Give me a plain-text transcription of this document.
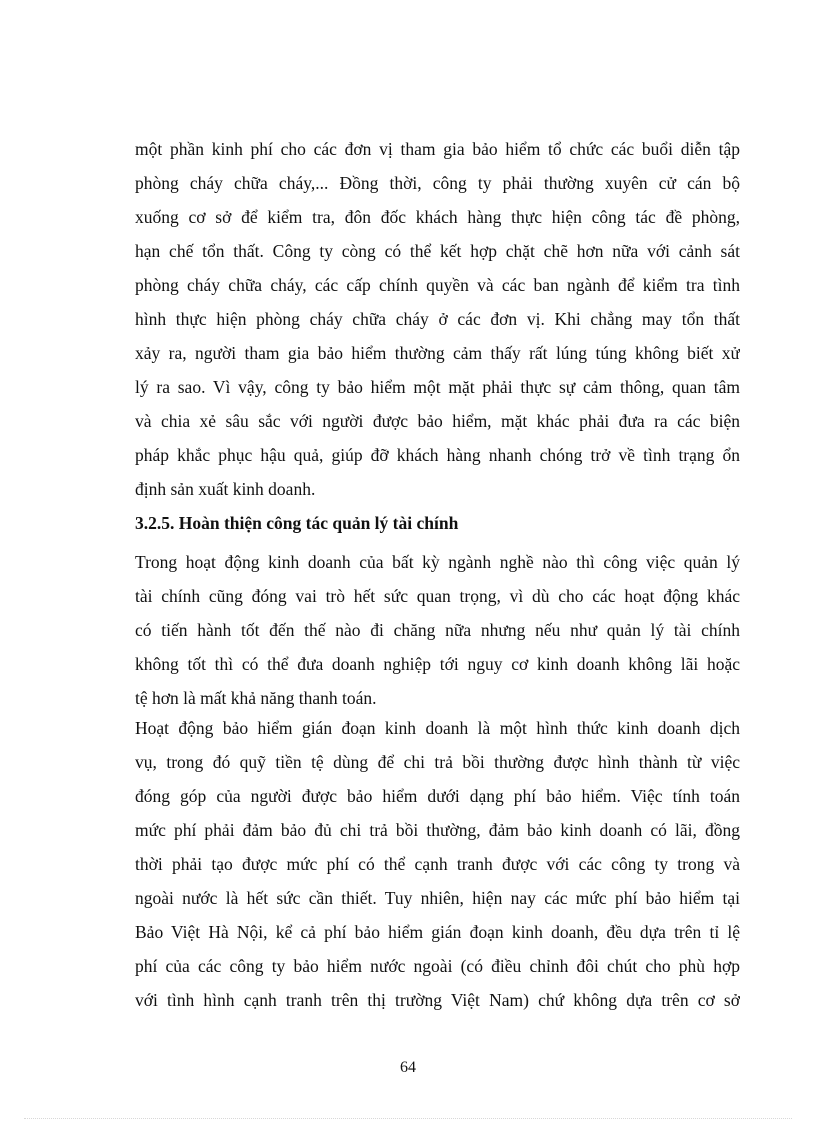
một phần kinh phí cho các đơn vị tham gia bảo hiểm tổ chức các buổi diễn tập
phòng cháy chữa cháy,... Đồng thời, công ty phải thường xuyên cử cán bộ
xuống cơ sở để kiểm tra, đôn đốc khách hàng thực hiện công tác đề phòng,
hạn chế tổn thất. Công ty còng có thể kết hợp chặt chẽ hơn nữa với cảnh sát
phòng cháy chữa cháy, các cấp chính quyền và các ban ngành để kiểm tra tình
hình thực hiện phòng cháy chữa cháy ở các đơn vị. Khi chẳng may tổn thất
xảy ra, người tham gia bảo hiểm thường cảm thấy rất lúng túng không biết xử
lý ra sao. Vì vậy, công ty bảo hiểm một mặt phải thực sự cảm thông, quan tâm
và chia xẻ sâu sắc với người được bảo hiểm, mặt khác phải đưa ra các biện
pháp khắc phục hậu quả, giúp đỡ khách hàng nhanh chóng trở về tình trạng ổn
định sản xuất kinh doanh.
3.2.5. Hoàn thiện công tác quản lý tài chính
Trong hoạt động kinh doanh của bất kỳ ngành nghề nào thì công việc quản lý
tài chính cũng đóng vai trò hết sức quan trọng, vì dù cho các hoạt động khác
có tiến hành tốt đến thế nào đi chăng nữa nhưng nếu như quản lý tài chính
không tốt thì có thể đưa doanh nghiệp tới nguy cơ kinh doanh không lãi hoặc
tệ hơn là mất khả năng thanh toán.
Hoạt động bảo hiểm gián đoạn kinh doanh là một hình thức kinh doanh dịch
vụ, trong đó quỹ tiền tệ dùng để chi trả bồi thường được hình thành từ việc
đóng góp của người được bảo hiểm dưới dạng phí bảo hiểm. Việc tính toán
mức phí phải đảm bảo đủ chi trả bồi thường, đảm bảo kinh doanh có lãi, đồng
thời phải tạo được mức phí có thể cạnh tranh được với các công ty trong và
ngoài nước là hết sức cần thiết. Tuy nhiên, hiện nay các mức phí bảo hiểm tại
Bảo Việt Hà Nội, kể cả phí bảo hiểm gián đoạn kinh doanh, đều dựa trên tỉ lệ
phí của các công ty bảo hiểm nước ngoài (có điều chỉnh đôi chút cho phù hợp
với tình hình cạnh tranh trên thị trường Việt Nam) chứ không dựa trên cơ sở
64
